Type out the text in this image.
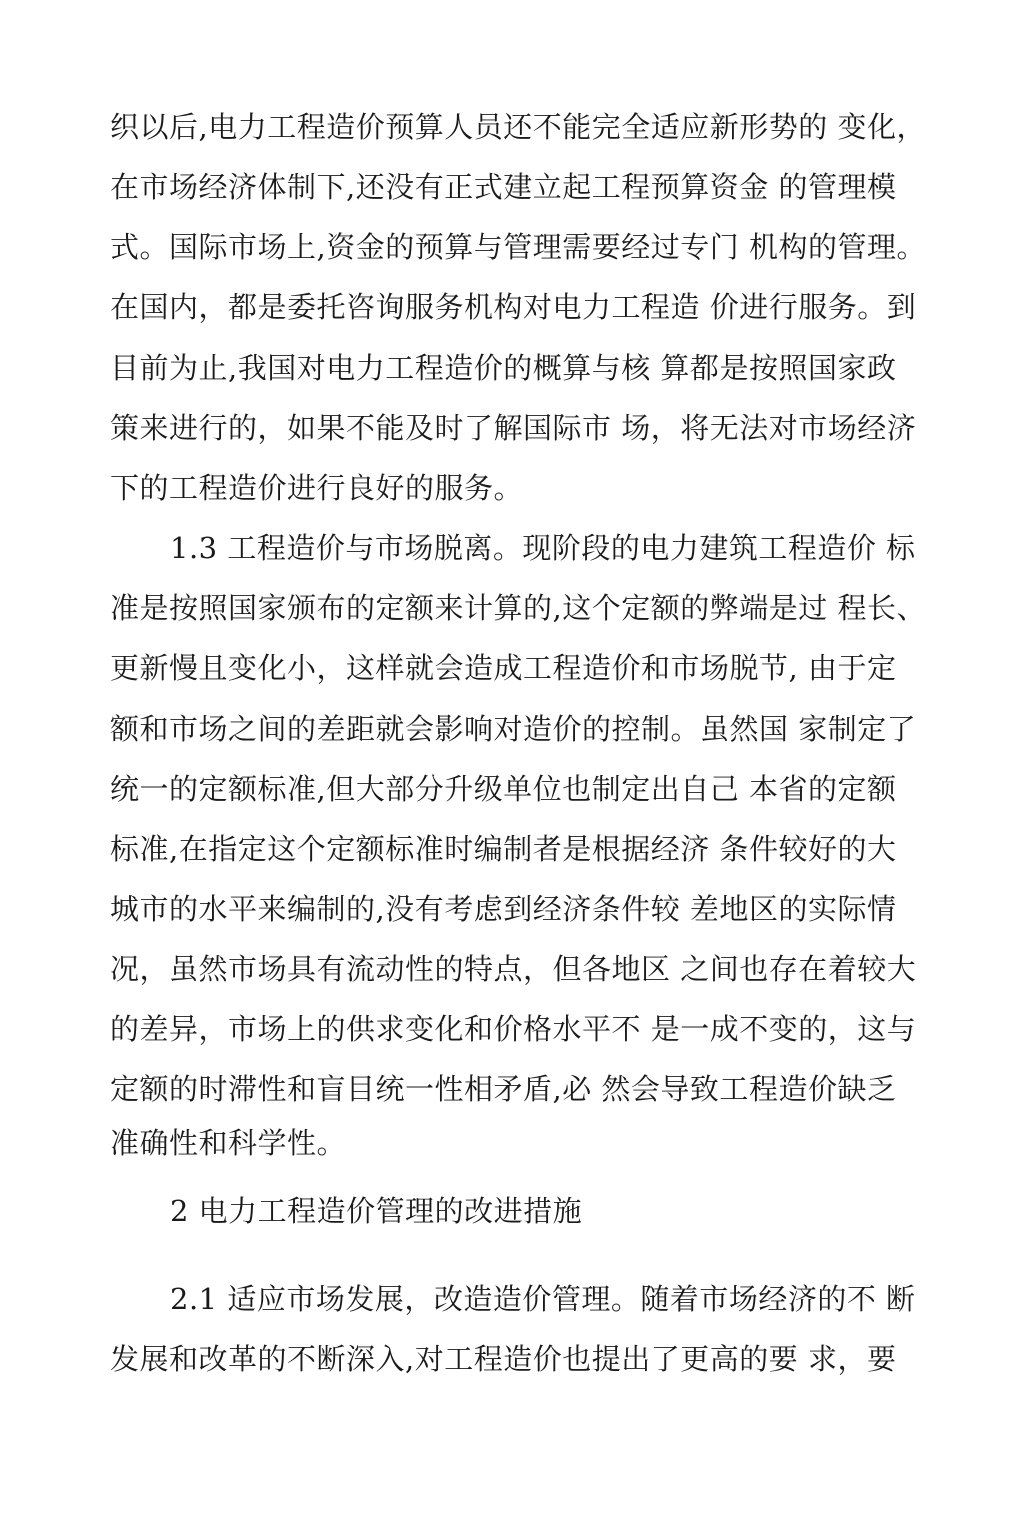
织以后,电力工程造价预算人员还不能完全适应新形势的 变化，
在市场经济体制下,还没有正式建立起工程预算资金 的管理模
式。国际市场上,资金的预算与管理需要经过专门 机构的管理。
在国内，都是委托咨询服务机构对电力工程造 价进行服务。到
目前为止,我国对电力工程造价的概算与核 算都是按照国家政
策来进行的，如果不能及时了解国际市 场，将无法对市场经济
下的工程造价进行良好的服务。
1.3 工程造价与市场脱离。现阶段的电力建筑工程造价 标
准是按照国家颁布的定额来计算的,这个定额的弊端是过 程长、
更新慢且变化小，这样就会造成工程造价和市场脱节, 由于定
额和市场之间的差距就会影响对造价的控制。虽然国 家制定了
统一的定额标准,但大部分升级单位也制定出自己 本省的定额
标准,在指定这个定额标准时编制者是根据经济 条件较好的大
城市的水平来编制的,没有考虑到经济条件较 差地区的实际情
况，虽然市场具有流动性的特点，但各地区 之间也存在着较大
的差异，市场上的供求变化和价格水平不 是一成不变的，这与
定额的时滞性和盲目统一性相矛盾,必 然会导致工程造价缺乏
准确性和科学性。
2 电力工程造价管理的改进措施
2.1 适应市场发展，改造造价管理。随着市场经济的不 断
发展和改革的不断深入,对工程造价也提出了更高的要 求，要
